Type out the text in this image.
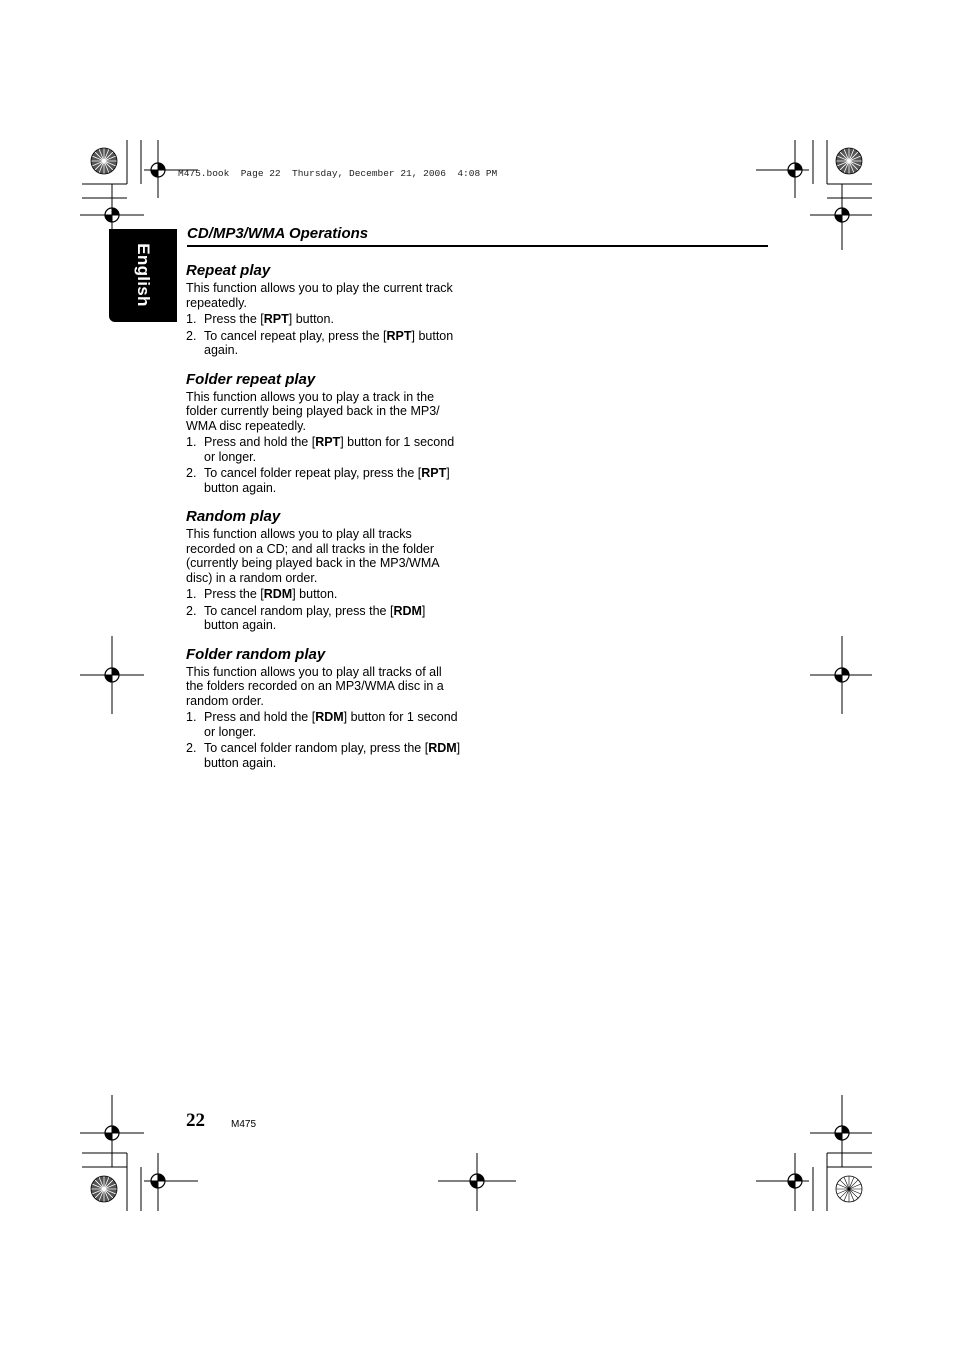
M475.book  Page 22  Thursday, December 21, 2006  4:08 PM
English
CD/MP3/WMA Operations
Repeat play

This function allows you to play the current track repeatedly.

1. Press the [RPT] button.
2. To cancel repeat play, press the [RPT] button again.
Folder repeat play

This function allows you to play a track in the folder currently being played back in the MP3/ WMA disc repeatedly.

1. Press and hold the [RPT] button for 1 second or longer.
2. To cancel folder repeat play, press the [RPT] button again.
Random play

This function allows you to play all tracks recorded on a CD; and all tracks in the folder (currently being played back in the MP3/WMA disc) in a random order.

1. Press the [RDM] button.
2. To cancel random play, press the [RDM] button again.
Folder random play

This function allows you to play all tracks of all the folders recorded on an MP3/WMA disc in a random order.

1. Press and hold the [RDM] button for 1 second or longer.
2. To cancel folder random play, press the [RDM] button again.
22	M475
